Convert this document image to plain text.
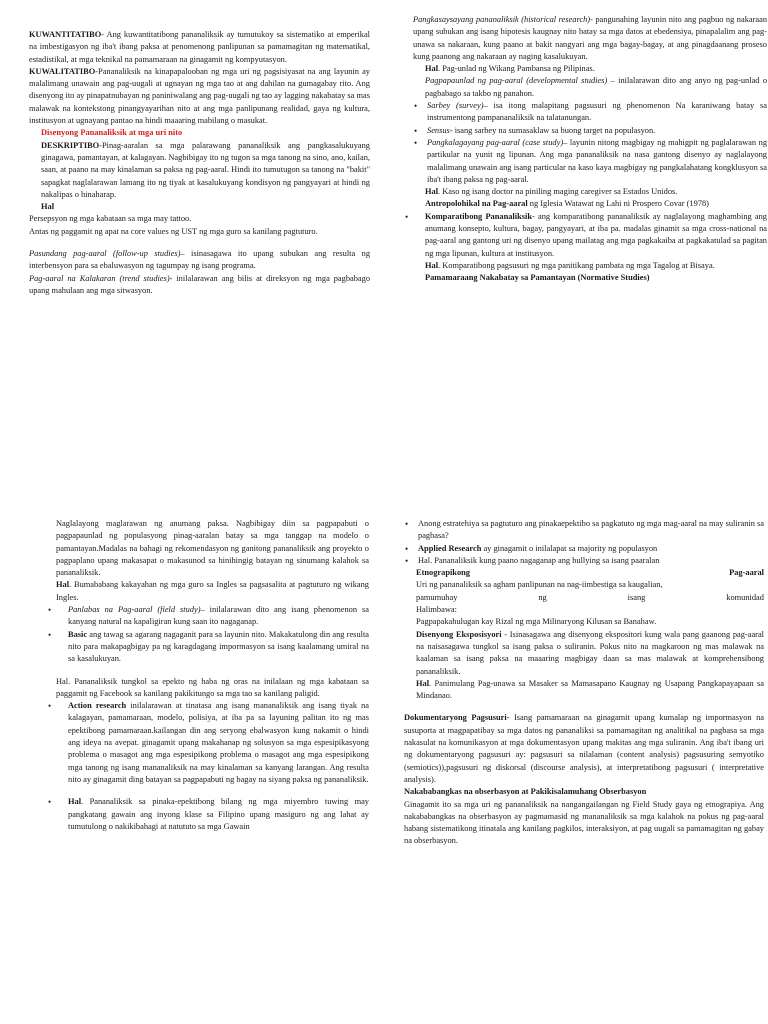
KUWANTITATIBO- Ang kuwantitatibong pananaliksik ay tumutukoy sa sistematiko at emperikal na imbestigasyon ng iba't ibang paksa at penomenong panlipunan sa pamamagitan ng matematikal, estadistikal, at mga teknikal na pamamaraan na ginagamit ng kompyutasyon.

KUWALITATIBO-Pananaliksik na kinapapalooban ng mga uri ng pagsisiyasat na ang layunin ay malalimang unawain ang pag-uugali at ugnayan ng mga tao at ang dahilan na gumagabay rito. Ang disenyong ito ay pinapatnubayan ng paniniwalang ang pag-uugali ng tao ay lagging nakabatay sa mas malawak na kontekstong pinangyayarihan nito at ang mga panlipunang realidad, gaya ng kultura, institusyon at ugnayang pantao na hindi maaaring mabilang o masukat.

Disenyong Pananaliksik at mga uri nito

DESKRIPTIBO-Pinag-aaralan sa mga palarawang pananaliksik ang pangkasalukuyang ginagawa, pamantayan, at kalagayan. Nagbibigay ito ng tugon sa mga tanong na sino, ano, kailan, saan, at paano na may kinalaman sa paksa ng pag-aaral. Hindi ito tumutugon sa tanong na "bakit" sapagkat naglalarawan lamang ito ng tiyak at kasalukuyang kondisyon ng pangyayari at hindi ng nakalipas o hinaharap.

Hal

Persepsyon ng mga kabataan sa mga may tattoo.

Antas ng paggamit ng apat na core values ng UST ng mga guro sa kanilang pagtuturo.

Pasundang pag-aaral (follow-up studies)– isinasagawa ito upang subukan ang resulta ng interbensyon para sa ebaluwasyon ng tagumpay ng isang programa.

Pag-aaral na Kalakaran (trend studies)- inilalarawan ang bilis at direksyon ng mga pagbabago upang mahulaan ang mga sitwasyon.

Pangkasaysayang pananaliksik (historical research)- pangunahing layunin nito ang pagbuo ng nakaraan upang subukan ang isang hipotesis kaugnay nito batay sa mga datos at ebedensiya, pinapalalim ang pag-unawa sa nakaraan, kung paano at bakit nangyari ang mga bagay-bagay, at ang pinagdaanang proseso kung paanong ang nakaraan ay naging kasalukuyan.

Hal. Pag-unlad ng Wikang Pambansa ng Pilipinas.

Pagpapaunlad ng pag-aaral (developmental studies) – inilalarawan dito ang anyo ng pag-unlad o pagbabago sa takbo ng panahon.

• Sarbey (survey)– isa itong malapitang pagsusuri ng phenomenon Na karaniwang batay sa instrumentong pampananaliksik na talatanungan.

• Sensus- isang sarbey na sumasaklaw sa buong target na populasyon.

• Pangkalagayang pag-aaral (case study)– layunin nitong magbigay ng mahigpit ng paglalarawan ng partikular na yunit ng lipunan. Ang mga pananaliksik na nasa gantong disenyo ay naglalayong malalimang unawain ang isang particular na kaso kaya magbigay ng pangkalahatang kongklusyon sa iba't ibang paksa ng pag-aaral.

Hal. Kaso ng isang doctor na piniling maging caregiver sa Estados Unidos.

Antropolohikal na Pag-aaral ng Iglesia Watawat ng Lahi ni Prospero Covar (1978)

• Komparatibong Pananaliksik- ang komparatibong pananaliksik ay naglalayong maghambing ang anumang konsepto, kultura, bagay, pangyayari, at iba pa. madalas ginamit sa mga cross-national na pag-aaral ang gantong uri ng disenyo upang mailatag ang mga pagkakaiba at pagkakatulad sa pagitan ng mga lipunan, kultura at institusyon.

Hal. Komparatibong pagsusuri ng mga panitikang pambata ng mga Tagalog at Bisaya.

Pamamaraang Nakabatay sa Pamantayan (Normative Studies)

Naglalayong maglarawan ng anumang paksa. Nagbibigay diin sa pagpapabuti o pagpapaunlad ng populasyong pinag-aaralan batay sa mga tanggap na modelo o pamantayan.Madalas na bahagi ng rekomendasyon ng ganitong pananaliksik ang proyekto o pagpaplano upang makasapat o makasunod sa hinihingig batayan ng sinumang kalahok sa pananaliksik.

Hal. Bumababang kakayahan ng mga guro sa Ingles sa pagsasalita at pagtuturo ng wikang Ingles.

• Panlabas na Pag-aaral (field study)– inilalarawan dito ang isang phenomenon sa kanyang natural na kapaligiran kung saan ito nagaganap.

• Basic ang tawag sa agarang nagaganit para sa layunin nito. Makakatulong din ang resulta nito para makapagbigay pa ng karagdagang impormasyon sa isang kaalamang umiral na sa kasalukuyan.

Hal. Pananaliksik tungkol sa epekto ng haba ng oras na inilalaan ng mga kabataan sa paggamit ng Facebook sa kanilang pakikitungo sa mga tao sa kanilang paligid.

• Action research inilalarawan at tinatasa ang isang mananaliksik ang isang tiyak na kalagayan, pamamaraan, modelo, polisiya, at iba pa sa layuning palitan ito ng mas epektibong pamamaraan.kailangan din ang seryong ebalwasyon kung nakamit o hindi ang ideya na avepat. ginagamit upang makahanap ng solusyon sa mga espesipikasyong problema o masagot ang mga espesipikong problema o masagot ang mga espesipikong mga tanong ng isang mananaliksik na may kinalaman sa kanyang larangan. Ang resulta nito ay ginagamit ding batayan sa pagpapabuti ng bagay na siyang paksa ng pananaliksik.

• Hal. Pananaliksik sa pinaka-epektibong bilang ng mga miyembro tuwing may pangkatang gawain ang inyong klase sa Filipino upang masiguro ng ang lahat ay tumutulong o nakikibahagi at natututo sa mga Gawain

• Anong estratehiya sa pagtuturo ang pinakaepektibo sa pagkatuto ng mga mag-aaral na may suliranin sa pagbasa?

• Applied Research ay ginagamit o inilalapat sa majority ng populasyon

• Hal. Pananaliksik kung paano nagaganap ang bullying sa isang paaralan

Etnograpikong	Pag-aaral

Uri ng pananaliksik sa agham panlipunan na nag-iimbestiga sa kaugalian,

pamumuhay	ng	isang	komunidad

Halimbawa:

Pagpapakahulugan kay Rizal ng mga Milinaryong Kilusan sa Banahaw.

Disenyong Eksposisyori - Isinasagawa ang disenyong ekspositori kung wala pang gaanong pag-aaral na naisasagawa tungkol sa isang paksa o suliranin. Pokus nito na magkaroon ng mas malawak na kaalaman sa isang paksa na maaaring magbigay daan sa mas malawak at komprehensibong pananaliksik.

Hal. Panimulang Pag-unawa sa Masaker sa Mamasapano Kaugnay ng Usapang Pangkapayapaan sa Mindanao.

Dokumentaryong Pagsusuri- Isang pamamaraan na ginagamit upang kumalap ng impormasyon na susuporta at magpapatibay sa mga datos ng pananaliksi sa pamamagitan ng analitikal na pagbasa sa mga nakasulat na komunikasyon at mga dokumentasyon upang makitas ang mga suliranin. Ang iba't ibang uri ng dokumentaryong pagsusuri ay: pagsusuri sa nilalaman (content analysis) pagsusuring semyotiko (semiotics)),pagsusuri ng diskorsal (discourse analysis), at interpretatibong pagsusuri ( interpretative analysis).

Nakababangkas na obserbasyon at Pakikisalamuhang Obserbasyon

Ginagamit ito sa mga uri ng pananaliksik na nangangailangan ng Field Study gaya ng etnograpiya. Ang nakababangkas na obserbasyon ay pagmamasid ng mananaliksik sa mga kalahok na pokus ng pag-aaral habang sistematikong itinatala ang kanilang pagkilos, interaksiyon, at pag uugali sa pamamagitan ng gabay na obserbasyon.
